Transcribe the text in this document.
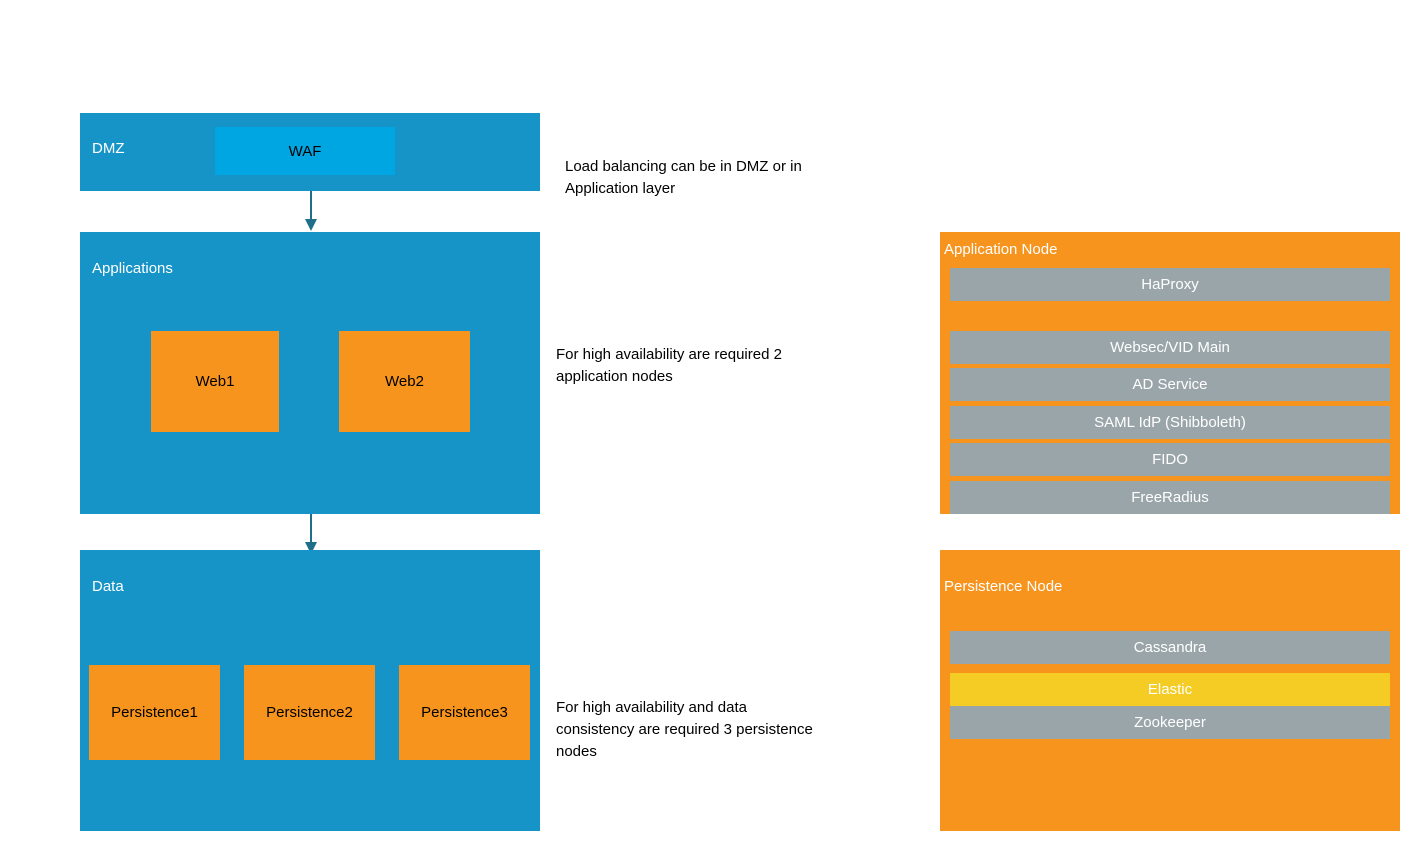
DMZ	WAF
Applications
Web1	Web2
Data
Persistence1	Persistence2	Persistence3
Load balancing can be in DMZ or in Application layer
For high availability are required 2 application nodes
For high availability and data consistency are required 3 persistence nodes
Application Node
HaProxy
Websec/VID Main
AD Service
SAML IdP (Shibboleth)
FIDO
FreeRadius
Persistence Node
Cassandra
Elastic
Zookeeper
